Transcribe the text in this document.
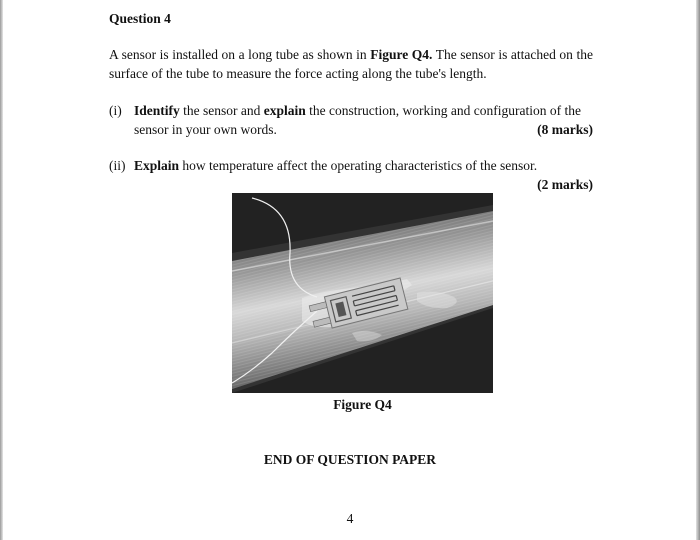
Question 4
A sensor is installed on a long tube as shown in Figure Q4. The sensor is attached on the surface of the tube to measure the force acting along the tube's length.
(i) Identify the sensor and explain the construction, working and configuration of the sensor in your own words.	(8 marks)
(ii) Explain how temperature affect the operating characteristics of the sensor.
(2 marks)
Figure Q4
END OF QUESTION PAPER
4
